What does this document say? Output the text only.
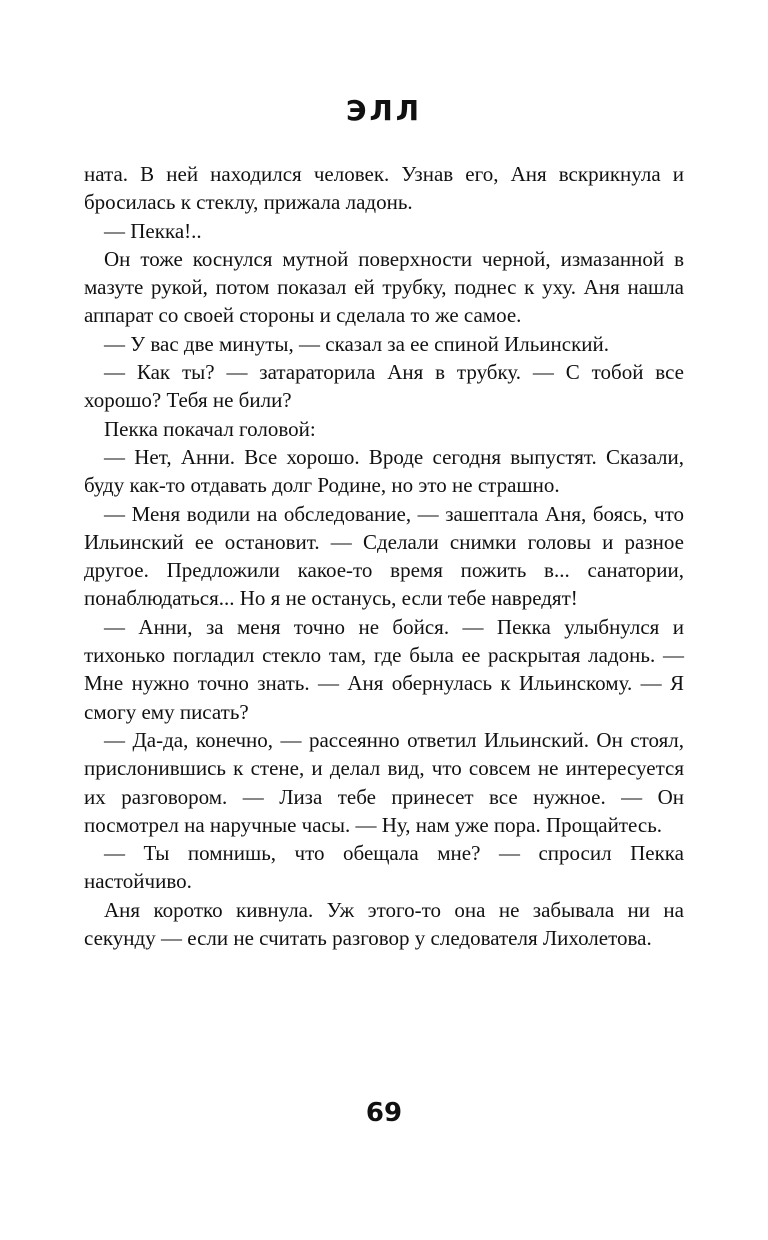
ЭЛЛ

ната. В ней находился человек. Узнав его, Аня вскрикнула и бросилась к стеклу, прижала ладонь.

— Пекка!..

Он тоже коснулся мутной поверхности черной, измазанной в мазуте рукой, потом показал ей трубку, поднес к уху. Аня нашла аппарат со своей стороны и сделала то же самое.

— У вас две минуты, — сказал за ее спиной Ильинский.

— Как ты? — затараторила Аня в трубку. — С тобой все хорошо? Тебя не били?

Пекка покачал головой:

— Нет, Анни. Все хорошо. Вроде сегодня выпустят. Сказали, буду как-то отдавать долг Родине, но это не страшно.

— Меня водили на обследование, — зашептала Аня, боясь, что Ильинский ее остановит. — Сделали снимки головы и разное другое. Предложили какое-то время пожить в... санатории, понаблюдаться... Но я не останусь, если тебе навредят!

— Анни, за меня точно не бойся. — Пекка улыбнулся и тихонько погладил стекло там, где была ее раскрытая ладонь. — Мне нужно точно знать. — Аня обернулась к Ильинскому. — Я смогу ему писать?

— Да-да, конечно, — рассеянно ответил Ильинский. Он стоял, прислонившись к стене, и делал вид, что совсем не интересуется их разговором. — Лиза тебе принесет все нужное. — Он посмотрел на наручные часы. — Ну, нам уже пора. Прощайтесь.

— Ты помнишь, что обещала мне? — спросил Пекка настойчиво.

Аня коротко кивнула. Уж этого-то она не забывала ни на секунду — если не считать разговор у следователя Лихолетова.

69
